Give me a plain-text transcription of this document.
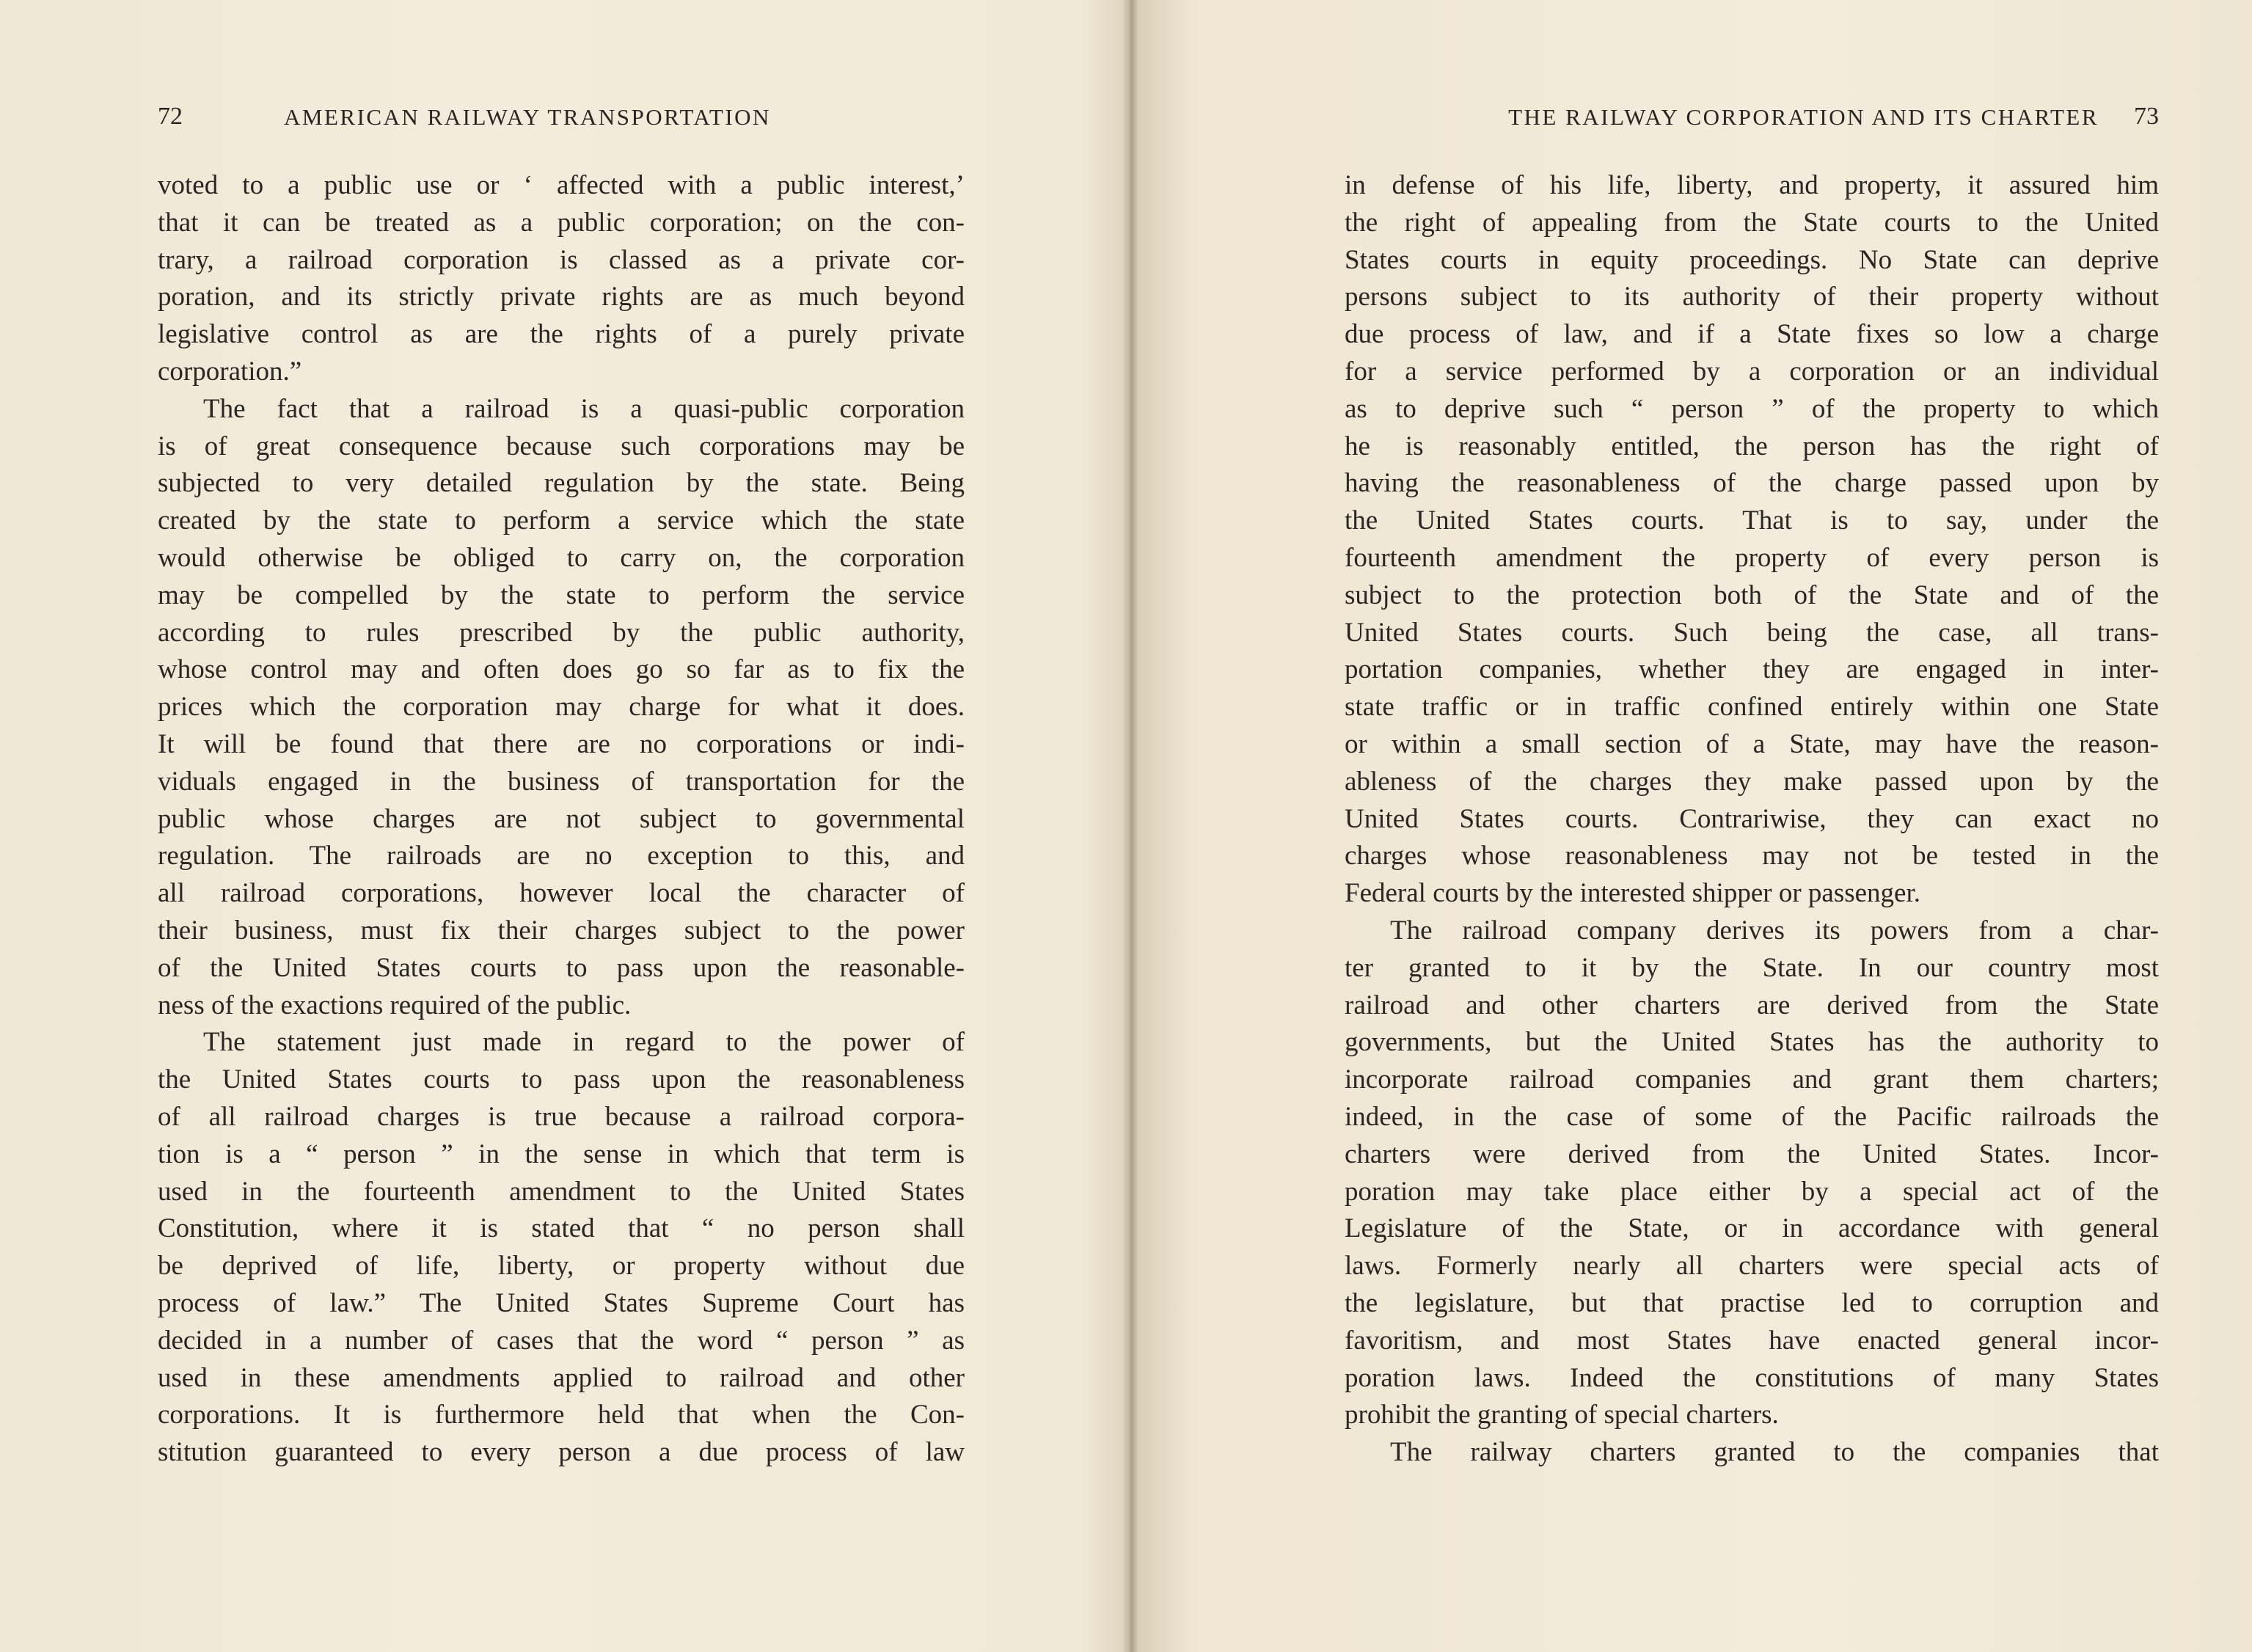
72	AMERICAN RAILWAY TRANSPORTATION
voted to a public use or ‘ affected with a public interest,’
that it can be treated as a public corporation; on the con-
trary, a railroad corporation is classed as a private cor-
poration, and its strictly private rights are as much beyond
legislative control as are the rights of a purely private
corporation.”
The fact that a railroad is a quasi-public corporation
is of great consequence because such corporations may be
subjected to very detailed regulation by the state. Being
created by the state to perform a service which the state
would otherwise be obliged to carry on, the corporation
may be compelled by the state to perform the service
according to rules prescribed by the public authority,
whose control may and often does go so far as to fix the
prices which the corporation may charge for what it does.
It will be found that there are no corporations or indi-
viduals engaged in the business of transportation for the
public whose charges are not subject to governmental
regulation. The railroads are no exception to this, and
all railroad corporations, however local the character of
their business, must fix their charges subject to the power
of the United States courts to pass upon the reasonable-
ness of the exactions required of the public.
The statement just made in regard to the power of
the United States courts to pass upon the reasonableness
of all railroad charges is true because a railroad corpora-
tion is a “ person ” in the sense in which that term is
used in the fourteenth amendment to the United States
Constitution, where it is stated that “ no person shall
be deprived of life, liberty, or property without due
process of law.” The United States Supreme Court has
decided in a number of cases that the word “ person ” as
used in these amendments applied to railroad and other
corporations. It is furthermore held that when the Con-
stitution guaranteed to every person a due process of law
THE RAILWAY CORPORATION AND ITS CHARTER 73
in defense of his life, liberty, and property, it assured him
the right of appealing from the State courts to the United
States courts in equity proceedings. No State can deprive
persons subject to its authority of their property without
due process of law, and if a State fixes so low a charge
for a service performed by a corporation or an individual
as to deprive such “ person ” of the property to which
he is reasonably entitled, the person has the right of
having the reasonableness of the charge passed upon by
the United States courts. That is to say, under the
fourteenth amendment the property of every person is
subject to the protection both of the State and of the
United States courts. Such being the case, all trans-
portation companies, whether they are engaged in inter-
state traffic or in traffic confined entirely within one State
or within a small section of a State, may have the reason-
ableness of the charges they make passed upon by the
United States courts. Contrariwise, they can exact no
charges whose reasonableness may not be tested in the
Federal courts by the interested shipper or passenger.
The railroad company derives its powers from a char-
ter granted to it by the State. In our country most
railroad and other charters are derived from the State
governments, but the United States has the authority to
incorporate railroad companies and grant them charters;
indeed, in the case of some of the Pacific railroads the
charters were derived from the United States. Incor-
poration may take place either by a special act of the
Legislature of the State, or in accordance with general
laws. Formerly nearly all charters were special acts of
the legislature, but that practise led to corruption and
favoritism, and most States have enacted general incor-
poration laws. Indeed the constitutions of many States
prohibit the granting of special charters.
The railway charters granted to the companies that
